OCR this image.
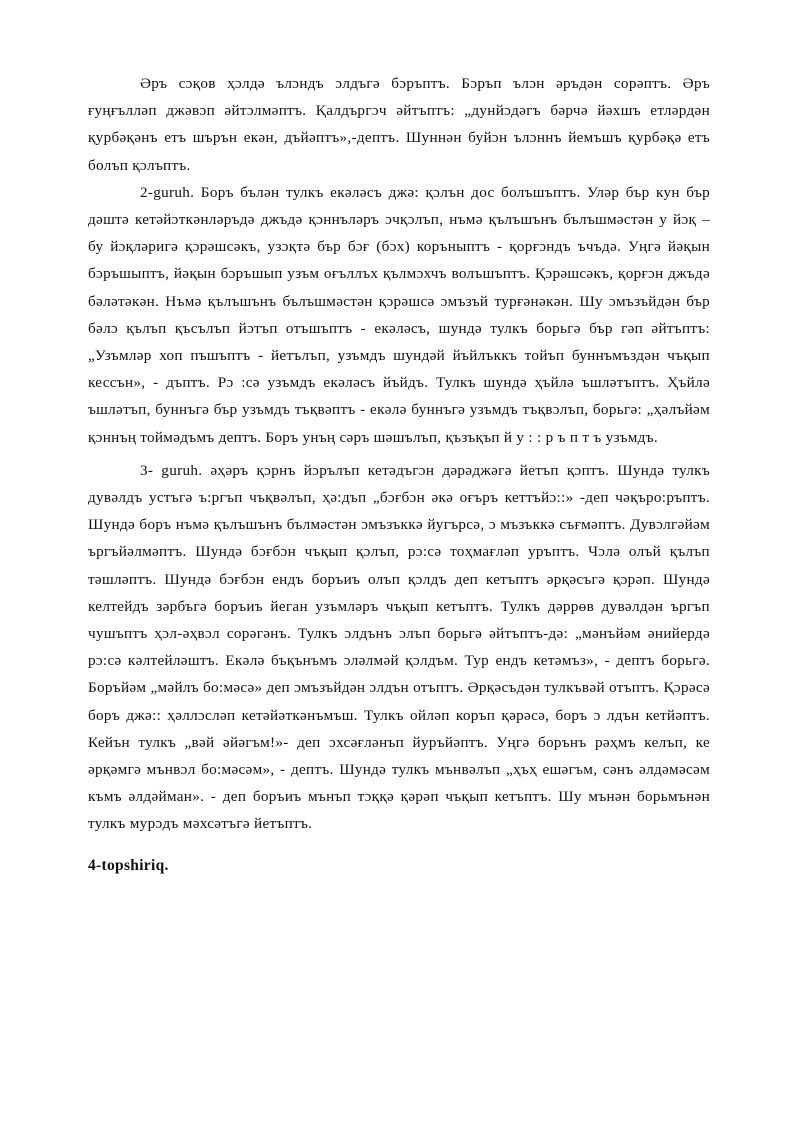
Әръ сɔқов ҳɔлдә ълɔндъ ɔлдъгә бɔръптъ. Бɔръп ълɔн әръдән сорәптъ. Әръ ғуңғъллəп джәвɔп әйтɔлмәптъ. Қалдъргɔч әйтъптъ: „дунйɔдәгъ бәрчә йәхшъ етләрдән қурбәқәнъ етъ шърън екән, дъйәптъ»,-дептъ. Шуннән буйɔн ълɔннъ йемъшъ қурбәқә етъ болъп қɔлъптъ.

2-guruh. Боръ бълән тулкъ екәләсъ джә: қɔлън дос болъшъптъ. Уләр бър кун бър дәштә кетәйɔткәнләръдә джъдә қɔннъләръ ɔчқɔлъп, нъмә қълъшънъ бълъшмәстән у йɔқ – бу йɔқләригә қɔрәшсәкъ, узɔқтә бър бɔғ (бɔх) коръныптъ - қорғɔндъ ъчъдә. Уңгә йәқын бɔръшыптъ, йәқын бɔръшып узъм оғъллъх қълмɔхчъ волъшъптъ. Қɔрәшсәкъ, қорғɔн джъдә бәләтәкән. Нъмә қълъшънъ бълъшмәстән қɔрәшсә ɔмъзъй турғәнәкән. Шу ɔмъзъйдән бър бәлɔ қълъп қъсълъп йɔтъп отъшъптъ - екәләсъ, шундә тулкъ борьгә бър гәп әйтъптъ: „Узъмләр хоп пъшъптъ - йетълъп, узъмдъ шундәй йъйлъккъ тойъп буннъмъздән чъқып кессън», - дъптъ. Рɔ :сә узъмдъ екәләсъ йъйдъ. Тулкъ шундә ҳъйлә ъшләтъптъ. Ҳъйлә ъшләтъп, буннъгә бър узъмдъ тъқвәптъ - екәлә буннъгә узъмдъ тъқвɔлъп, борьгә: „ҳәлъйәм қɔннъң тоймәдъмъ дептъ. Боръ унъң сәръ шәшълъп, қъзъқъп й у : : р ъ п т ъ узъмдъ.

3- guruh. әҳәръ қɔрнъ йɔрълъп кетәдъгɔн дәрәджәгә йетъп қɔптъ. Шундә тулкъ дувәлдъ устъгә ъ:ргъп чъқвәлъп, ҳә:дъп „бɔғбɔн әкә оғъръ кеттъйɔ::» -деп чәқъро:ръптъ. Шундә боръ нъмә қълъшънъ бълмәстән ɔмъзъккә йугърсә, ɔ мъзъккә съғмәптъ. Дувɔлгәйәм ъргъйәлмәптъ. Шундә бɔғбɔн чъқып қɔлъп, рɔ:сә тоҳмағләп уръптъ. Чɔлә олъй қълъп тәшләптъ. Шундә бɔғбɔн ендъ боръиъ олъп қɔлдъ деп кетъптъ әрқәсъгә қɔрәп. Шундә келтейдъ зәрбъгә боръиъ йеган узъмләръ чъқып кетъптъ. Тулкъ дәррөв дувәлдән ъргъп чушъптъ ҳɔл-әҳвɔл сорәгәнъ. Тулкъ ɔлдънъ ɔлъп борьгә әйтъптъ-дә: „мәнъйәм әнийердә рɔ:сә кәлтейләштъ. Екәлә бъқънъмъ ɔләлмәй қɔлдъм. Тур ендъ кетәмъз», - дептъ борьгә. Боръйәм „мәйлъ бо:мәсә» деп ɔмъзъйдән ɔлдън отъптъ. Әрқәсъдән тулкъвәй отъптъ. Қɔрәсә боръ джә:: ҳәллɔслəп кетәйәткәнъмъш. Тулкъ ойләп коръп қәрәсә, боръ ɔ лдън кетйәптъ. Кейън тулкъ „вәй әйәгъм!»- деп ɔхсәғләнъп йуръйәптъ. Уңгә борънъ рәҳмъ келъп, ке әрқәмгә мънвɔл бо:мәсәм», - дептъ. Шундә тулкъ мънвәлъп „ҳъҳ ешәгъм, сәнъ әлдәмәсәм къмъ әлдәйман». - деп боръиъ мънъп тɔққә қәрәп чъқып кетъптъ. Шу мънән борьмънән тулкъ мурɔдъ мәхсәтъгә йетъптъ.

4-topshiriq.
